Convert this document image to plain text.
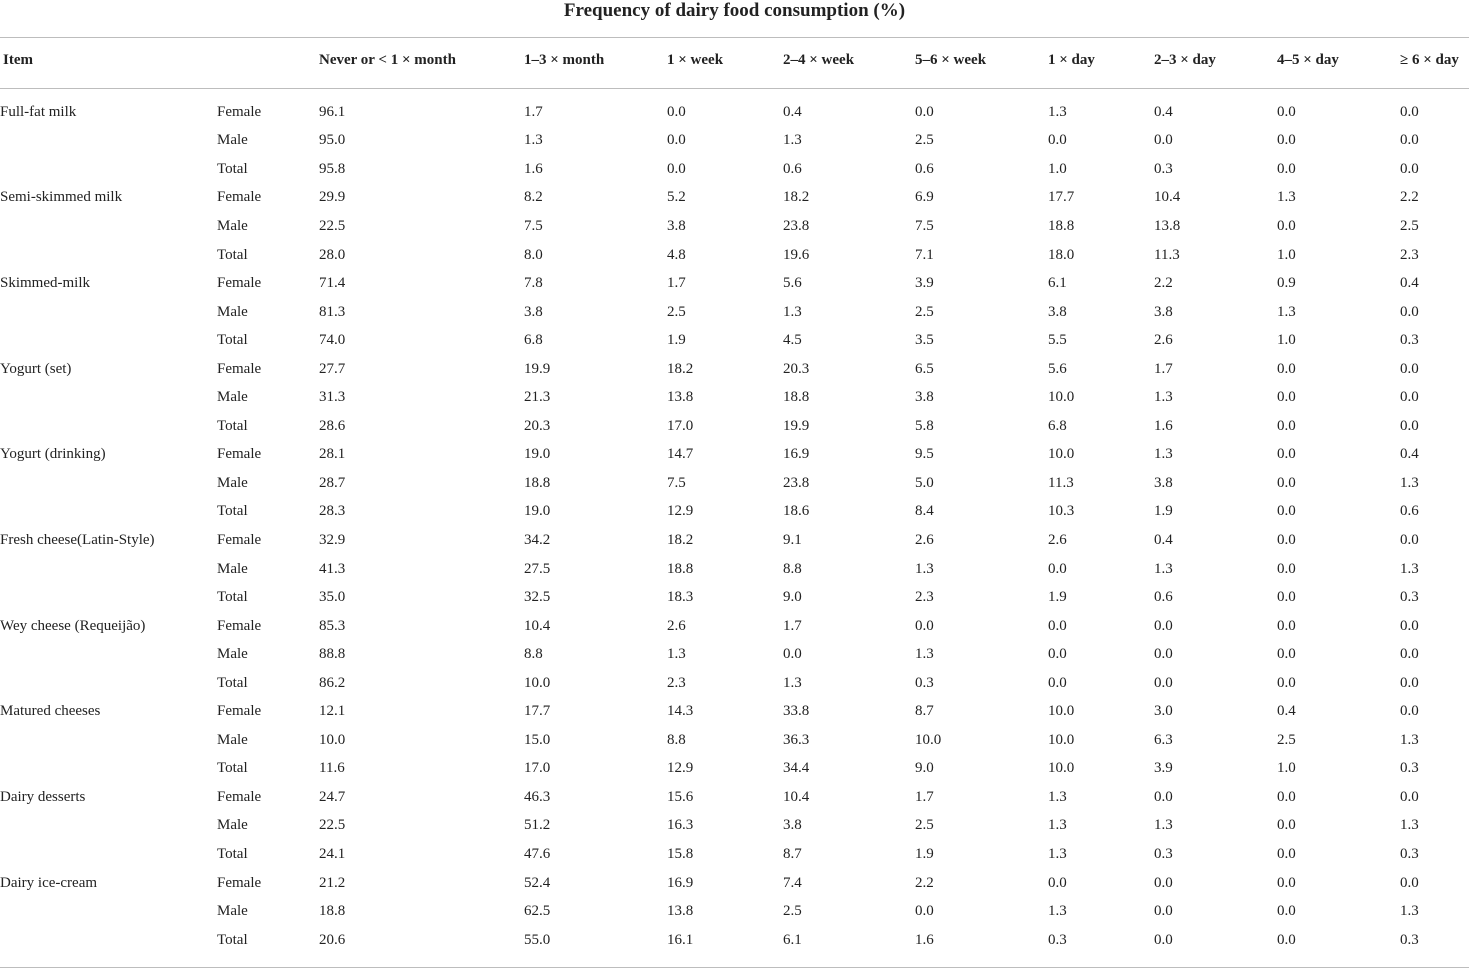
Frequency of dairy food consumption (%)
Item	Never or < 1 × month	1–3 × month	1 × week	2–4 × week	5–6 × week	1 × day	2–3 × day	4–5 × day	≥ 6 × day
Full-fat milk	Female	96.1	1.7	0.0	0.4	0.0	1.3	0.4	0.0	0.0
	Male	95.0	1.3	0.0	1.3	2.5	0.0	0.0	0.0	0.0
	Total	95.8	1.6	0.0	0.6	0.6	1.0	0.3	0.0	0.0
Semi-skimmed milk	Female	29.9	8.2	5.2	18.2	6.9	17.7	10.4	1.3	2.2
	Male	22.5	7.5	3.8	23.8	7.5	18.8	13.8	0.0	2.5
	Total	28.0	8.0	4.8	19.6	7.1	18.0	11.3	1.0	2.3
Skimmed-milk	Female	71.4	7.8	1.7	5.6	3.9	6.1	2.2	0.9	0.4
	Male	81.3	3.8	2.5	1.3	2.5	3.8	3.8	1.3	0.0
	Total	74.0	6.8	1.9	4.5	3.5	5.5	2.6	1.0	0.3
Yogurt (set)	Female	27.7	19.9	18.2	20.3	6.5	5.6	1.7	0.0	0.0
	Male	31.3	21.3	13.8	18.8	3.8	10.0	1.3	0.0	0.0
	Total	28.6	20.3	17.0	19.9	5.8	6.8	1.6	0.0	0.0
Yogurt (drinking)	Female	28.1	19.0	14.7	16.9	9.5	10.0	1.3	0.0	0.4
	Male	28.7	18.8	7.5	23.8	5.0	11.3	3.8	0.0	1.3
	Total	28.3	19.0	12.9	18.6	8.4	10.3	1.9	0.0	0.6
Fresh cheese(Latin-Style)	Female	32.9	34.2	18.2	9.1	2.6	2.6	0.4	0.0	0.0
	Male	41.3	27.5	18.8	8.8	1.3	0.0	1.3	0.0	1.3
	Total	35.0	32.5	18.3	9.0	2.3	1.9	0.6	0.0	0.3
Wey cheese (Requeijão)	Female	85.3	10.4	2.6	1.7	0.0	0.0	0.0	0.0	0.0
	Male	88.8	8.8	1.3	0.0	1.3	0.0	0.0	0.0	0.0
	Total	86.2	10.0	2.3	1.3	0.3	0.0	0.0	0.0	0.0
Matured cheeses	Female	12.1	17.7	14.3	33.8	8.7	10.0	3.0	0.4	0.0
	Male	10.0	15.0	8.8	36.3	10.0	10.0	6.3	2.5	1.3
	Total	11.6	17.0	12.9	34.4	9.0	10.0	3.9	1.0	0.3
Dairy desserts	Female	24.7	46.3	15.6	10.4	1.7	1.3	0.0	0.0	0.0
	Male	22.5	51.2	16.3	3.8	2.5	1.3	1.3	0.0	1.3
	Total	24.1	47.6	15.8	8.7	1.9	1.3	0.3	0.0	0.3
Dairy ice-cream	Female	21.2	52.4	16.9	7.4	2.2	0.0	0.0	0.0	0.0
	Male	18.8	62.5	13.8	2.5	0.0	1.3	0.0	0.0	1.3
	Total	20.6	55.0	16.1	6.1	1.6	0.3	0.0	0.0	0.3
